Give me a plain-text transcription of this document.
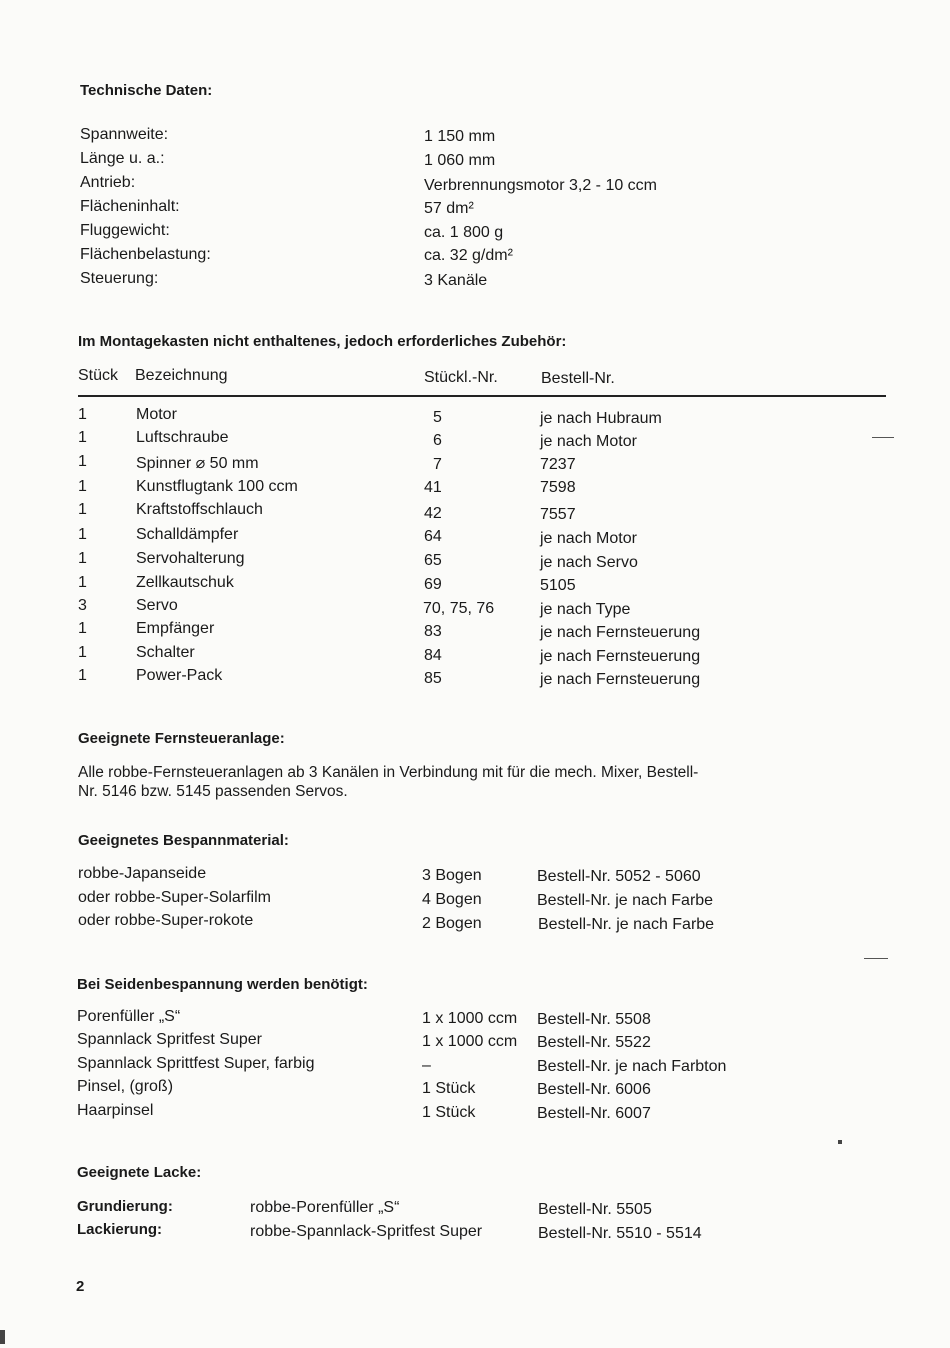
Technische Daten:
Spannweite:	1 150 mm
Länge u. a.:	1 060 mm
Antrieb:	Verbrennungsmotor 3,2 - 10 ccm
Flächeninhalt:	57 dm²
Fluggewicht:	ca. 1 800 g
Flächenbelastung:	ca. 32 g/dm²
Steuerung:	3 Kanäle
Im Montagekasten nicht enthaltenes, jedoch erforderliches Zubehör:
Stück Bezeichnung	Stückl.-Nr.	Bestell-Nr.
1	Motor	5	je nach Hubraum
1	Luftschraube	6	je nach Motor
1	Spinner ⌀ 50 mm	7	7237
1	Kunstflugtank 100 ccm	41	7598
1	Kraftstoffschlauch	42	7557
1	Schalldämpfer	64	je nach Motor
1	Servohalterung	65	je nach Servo
1	Zellkautschuk	69	5105
3	Servo	70, 75, 76	je nach Type
1	Empfänger	83	je nach Fernsteuerung
1	Schalter	84	je nach Fernsteuerung
1	Power-Pack	85	je nach Fernsteuerung
Geeignete Fernsteueranlage:
Alle robbe-Fernsteueranlagen ab 3 Kanälen in Verbindung mit für die mech. Mixer, Bestell-
Nr. 5146 bzw. 5145 passenden Servos.
Geeignetes Bespannmaterial:
robbe-Japanseide	3 Bogen	Bestell-Nr. 5052 - 5060
oder robbe-Super-Solarfilm	4 Bogen	Bestell-Nr. je nach Farbe
oder robbe-Super-rokote	2 Bogen	Bestell-Nr. je nach Farbe
Bei Seidenbespannung werden benötigt:
Porenfüller „S“	1 x 1000 ccm Bestell-Nr. 5508
Spannlack Spritfest Super	1 x 1000 ccm Bestell-Nr. 5522
Spannlack Sprittfest Super, farbig	–	Bestell-Nr. je nach Farbton
Pinsel, (groß)	1 Stück	Bestell-Nr. 6006
Haarpinsel	1 Stück	Bestell-Nr. 6007
Geeignete Lacke:
Grundierung:	robbe-Porenfüller „S“	Bestell-Nr. 5505
Lackierung:	robbe-Spannlack-Spritfest Super	Bestell-Nr. 5510 - 5514
2
